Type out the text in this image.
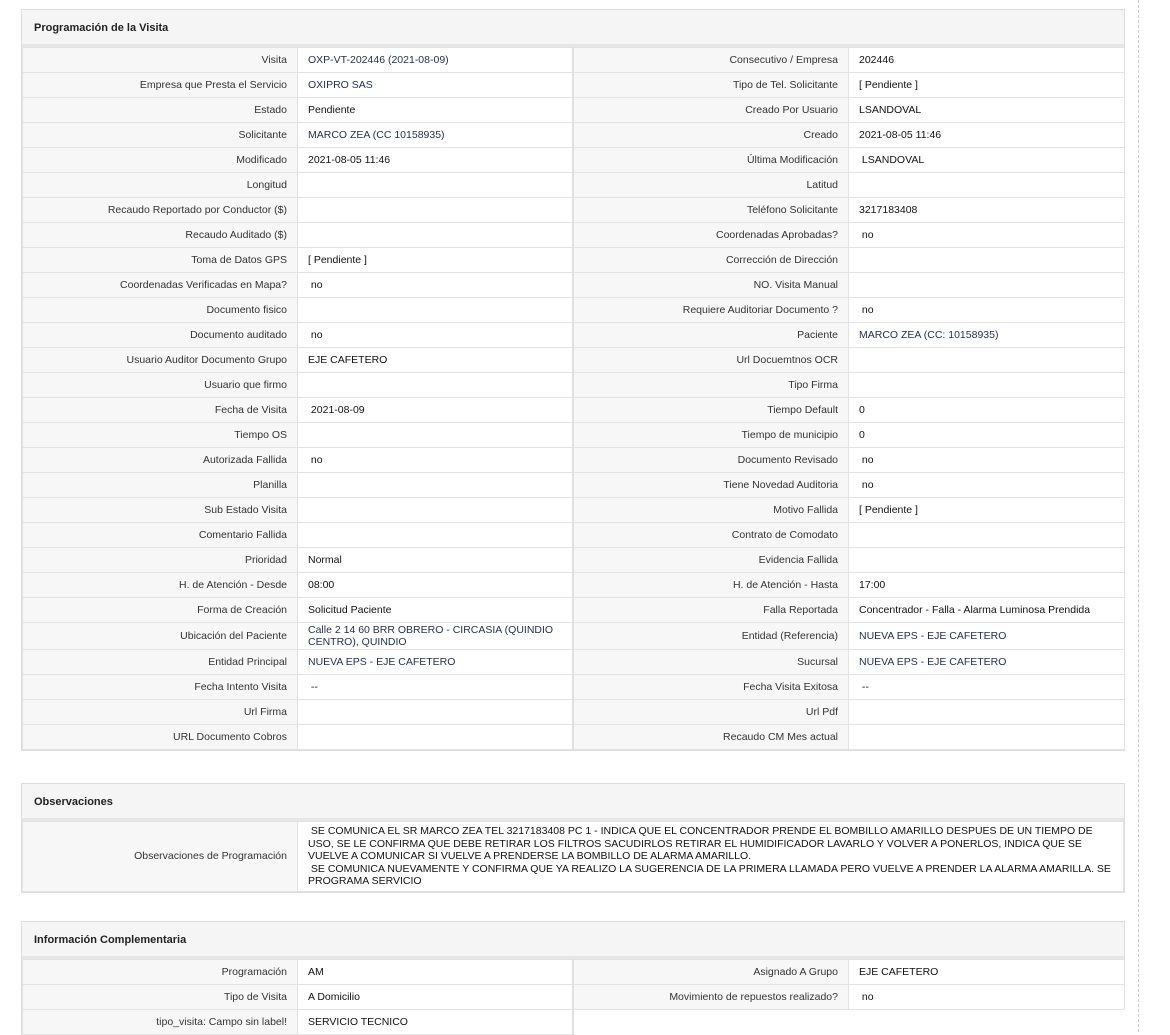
Programación de la Visita
Visita	OXP-VT-202446 (2021-08-09)	Consecutivo / Empresa	202446
Empresa que Presta el Servicio	OXIPRO SAS	Tipo de Tel. Solicitante	[ Pendiente ]
Estado	Pendiente	Creado Por Usuario	LSANDOVAL
Solicitante	MARCO ZEA (CC 10158935)	Creado	2021-08-05 11:46
Modificado	2021-08-05 11:46	Última Modificación	LSANDOVAL
Longitud		Latitud	
Recaudo Reportado por Conductor ($)		Teléfono Solicitante	3217183408
Recaudo Auditado ($)		Coordenadas Aprobadas?	no
Toma de Datos GPS	[ Pendiente ]	Corrección de Dirección	
Coordenadas Verificadas en Mapa?	no	NO. Visita Manual	
Documento fisico		Requiere Auditoriar Documento ?	no
Documento auditado	no	Paciente	MARCO ZEA (CC: 10158935)
Usuario Auditor Documento Grupo	EJE CAFETERO	Url Docuemtnos OCR	
Usuario que firmo		Tipo Firma	
Fecha de Visita	2021-08-09	Tiempo Default	0
Tiempo OS		Tiempo de municipio	0
Autorizada Fallida	no	Documento Revisado	no
Planilla		Tiene Novedad Auditoria	no
Sub Estado Visita		Motivo Fallida	[ Pendiente ]
Comentario Fallida		Contrato de Comodato	
Prioridad	Normal	Evidencia Fallida	
H. de Atención - Desde	08:00	H. de Atención - Hasta	17:00
Forma de Creación	Solicitud Paciente	Falla Reportada	Concentrador - Falla - Alarma Luminosa Prendida
Ubicación del Paciente	Calle 2 14 60 BRR OBRERO - CIRCASIA (QUINDIO CENTRO), QUINDIO	Entidad (Referencia)	NUEVA EPS - EJE CAFETERO
Entidad Principal	NUEVA EPS - EJE CAFETERO	Sucursal	NUEVA EPS - EJE CAFETERO
Fecha Intento Visita	--	Fecha Visita Exitosa	--
Url Firma		Url Pdf	
URL Documento Cobros		Recaudo CM Mes actual	
Observaciones
Observaciones de Programación	
SE COMUNICA EL SR MARCO ZEA TEL 3217183408 PC 1 - INDICA QUE EL CONCENTRADOR PRENDE EL BOMBILLO AMARILLO DESPUES DE UN TIEMPO DE USO, SE LE CONFIRMA QUE DEBE RETIRAR LOS FILTROS SACUDIRLOS RETIRAR EL HUMIDIFICADOR LAVARLO Y VOLVER A PONERLOS, INDICA QUE SE VUELVE A COMUNICAR SI VUELVE A PRENDERSE LA BOMBILLO DE ALARMA AMARILLO.
SE COMUNICA NUEVAMENTE Y CONFIRMA QUE YA REALIZO LA SUGERENCIA DE LA PRIMERA LLAMADA PERO VUELVE A PRENDER LA ALARMA AMARILLA. SE PROGRAMA SERVICIO
Información Complementaria
Programación	AM	Asignado A Grupo	EJE CAFETERO
Tipo de Visita	A Domicilio	Movimiento de repuestos realizado?	no
tipo_visita: Campo sin label!	SERVICIO TECNICO		
